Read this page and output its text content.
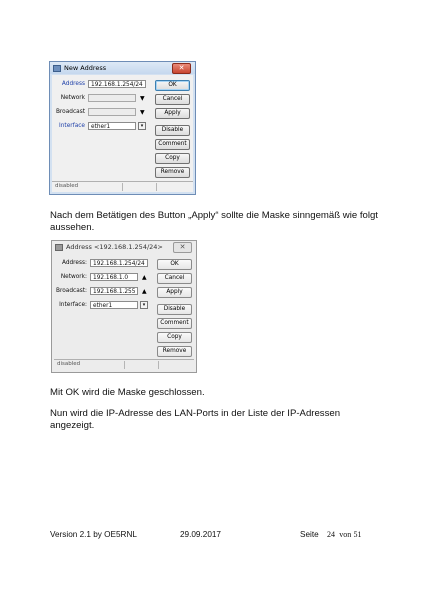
New Address	✕
Address	192.168.1.254/24
Network	▼
Broadcast	▼
Interface	ether1	▾
OK
Cancel
Apply
Disable
Comment
Copy
Remove
disabled
Nach dem Betätigen des Button „Apply“ sollte die Maske sinngemäß wie folgt aussehen.
Address <192.168.1.254/24>	✕
Address:	192.168.1.254/24
Network:	192.168.1.0	▲
Broadcast:	192.168.1.255	▲
Interface:	ether1	▾
OK
Cancel
Apply
Disable
Comment
Copy
Remove
disabled
Mit OK wird die Maske geschlossen.
Nun wird die IP-Adresse des LAN-Ports in der Liste der IP-Adressen angezeigt.
Version 2.1 by OE5RNL	29.09.2017	Seite 24 von 51
